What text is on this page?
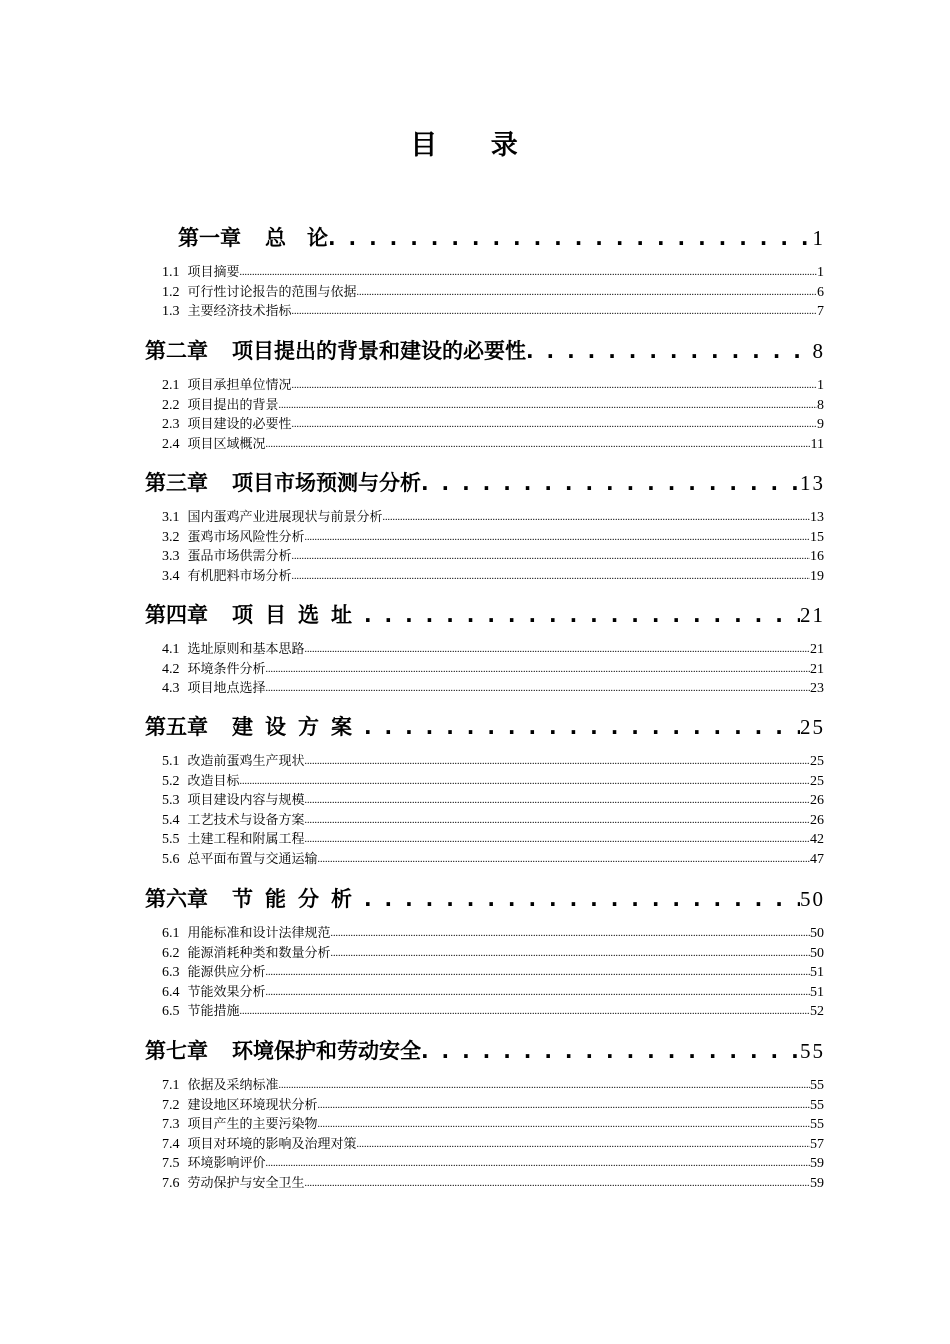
目 录
第一章 总　论 . . .	1
1.1 项目摘要 .....	1
1.2 可行性讨论报告的范围与依据 .....	6
1.3 主要经济技术指标 .....	7
第二章 项目提出的背景和建设的必要性 . . .	8
2.1 项目承担单位情况 .....	1
2.2 项目提出的背景 .....	8
2.3 项目建设的必要性 .....	9
2.4 项目区域概况 .....	11
第三章 项目市场预测与分析 . . .	13
3.1 国内蛋鸡产业进展现状与前景分析 .....	13
3.2 蛋鸡市场风险性分析 .....	15
3.3 蛋品市场供需分析 .....	16
3.4 有机肥料市场分析 .....	19
第四章 项目选址 . . .	21
4.1 选址原则和基本思路 .....	21
4.2 环境条件分析 .....	21
4.3 项目地点选择 .....	23
第五章 建设方案 . . .	25
5.1 改造前蛋鸡生产现状 .....	25
5.2 改造目标 .....	25
5.3 项目建设内容与规模 .....	26
5.4 工艺技术与设备方案 .....	26
5.5 土建工程和附属工程 .....	42
5.6 总平面布置与交通运输 .....	47
第六章 节能分析 . . .	50
6.1 用能标准和设计法律规范 .....	50
6.2 能源消耗种类和数量分析 .....	50
6.3 能源供应分析 .....	51
6.4 节能效果分析 .....	51
6.5 节能措施 .....	52
第七章 环境保护和劳动安全 . . .	55
7.1 依据及采纳标准 .....	55
7.2 建设地区环境现状分析 .....	55
7.3 项目产生的主要污染物 .....	55
7.4 项目对环境的影响及治理对策 .....	57
7.5 环境影响评价 .....	59
7.6 劳动保护与安全卫生 .....	59
